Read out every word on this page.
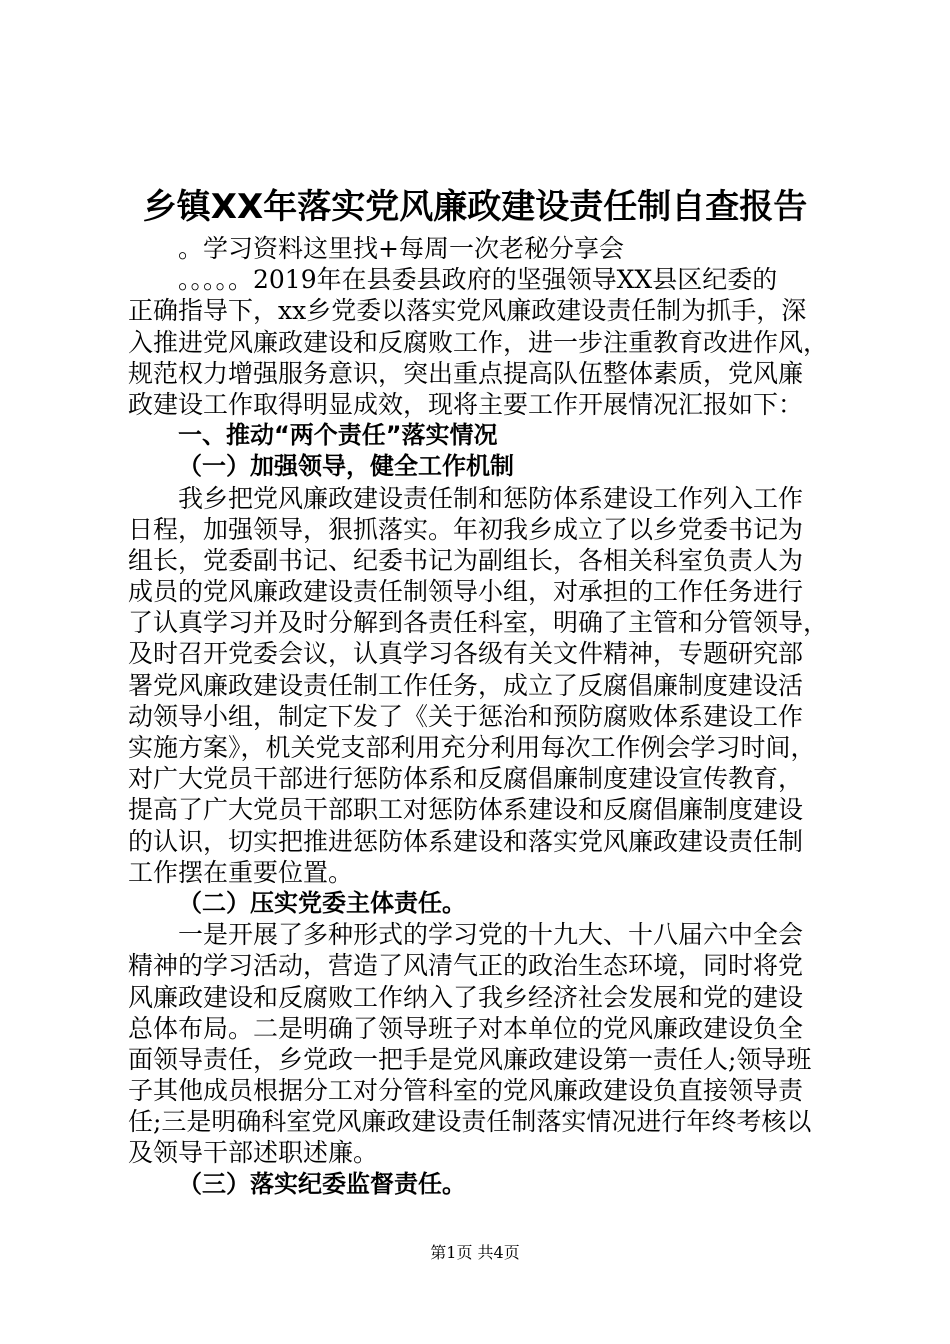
乡镇XX年落实党风廉政建设责任制自查报告
。学习资料这里找+每周一次老秘分享会
。。。。。2019年在县委县政府的坚强领导XX县区纪委的
正确指导下，xx乡党委以落实党风廉政建设责任制为抓手，深
入推进党风廉政建设和反腐败工作，进一步注重教育改进作风，
规范权力增强服务意识，突出重点提高队伍整体素质，党风廉
政建设工作取得明显成效，现将主要工作开展情况汇报如下：
一、推动“两个责任”落实情况
（一）加强领导，健全工作机制
我乡把党风廉政建设责任制和惩防体系建设工作列入工作
日程，加强领导，狠抓落实。年初我乡成立了以乡党委书记为
组长，党委副书记、纪委书记为副组长，各相关科室负责人为
成员的党风廉政建设责任制领导小组，对承担的工作任务进行
了认真学习并及时分解到各责任科室，明确了主管和分管领导，
及时召开党委会议，认真学习各级有关文件精神，专题研究部
署党风廉政建设责任制工作任务，成立了反腐倡廉制度建设活
动领导小组，制定下发了《关于惩治和预防腐败体系建设工作
实施方案》，机关党支部利用充分利用每次工作例会学习时间，
对广大党员干部进行惩防体系和反腐倡廉制度建设宣传教育，
提高了广大党员干部职工对惩防体系建设和反腐倡廉制度建设
的认识，切实把推进惩防体系建设和落实党风廉政建设责任制
工作摆在重要位置。
（二）压实党委主体责任。
一是开展了多种形式的学习党的十九大、十八届六中全会
精神的学习活动，营造了风清气正的政治生态环境，同时将党
风廉政建设和反腐败工作纳入了我乡经济社会发展和党的建设
总体布局。二是明确了领导班子对本单位的党风廉政建设负全
面领导责任，乡党政一把手是党风廉政建设第一责任人;领导班
子其他成员根据分工对分管科室的党风廉政建设负直接领导责
任;三是明确科室党风廉政建设责任制落实情况进行年终考核以
及领导干部述职述廉。
（三）落实纪委监督责任。
第1页 共4页
